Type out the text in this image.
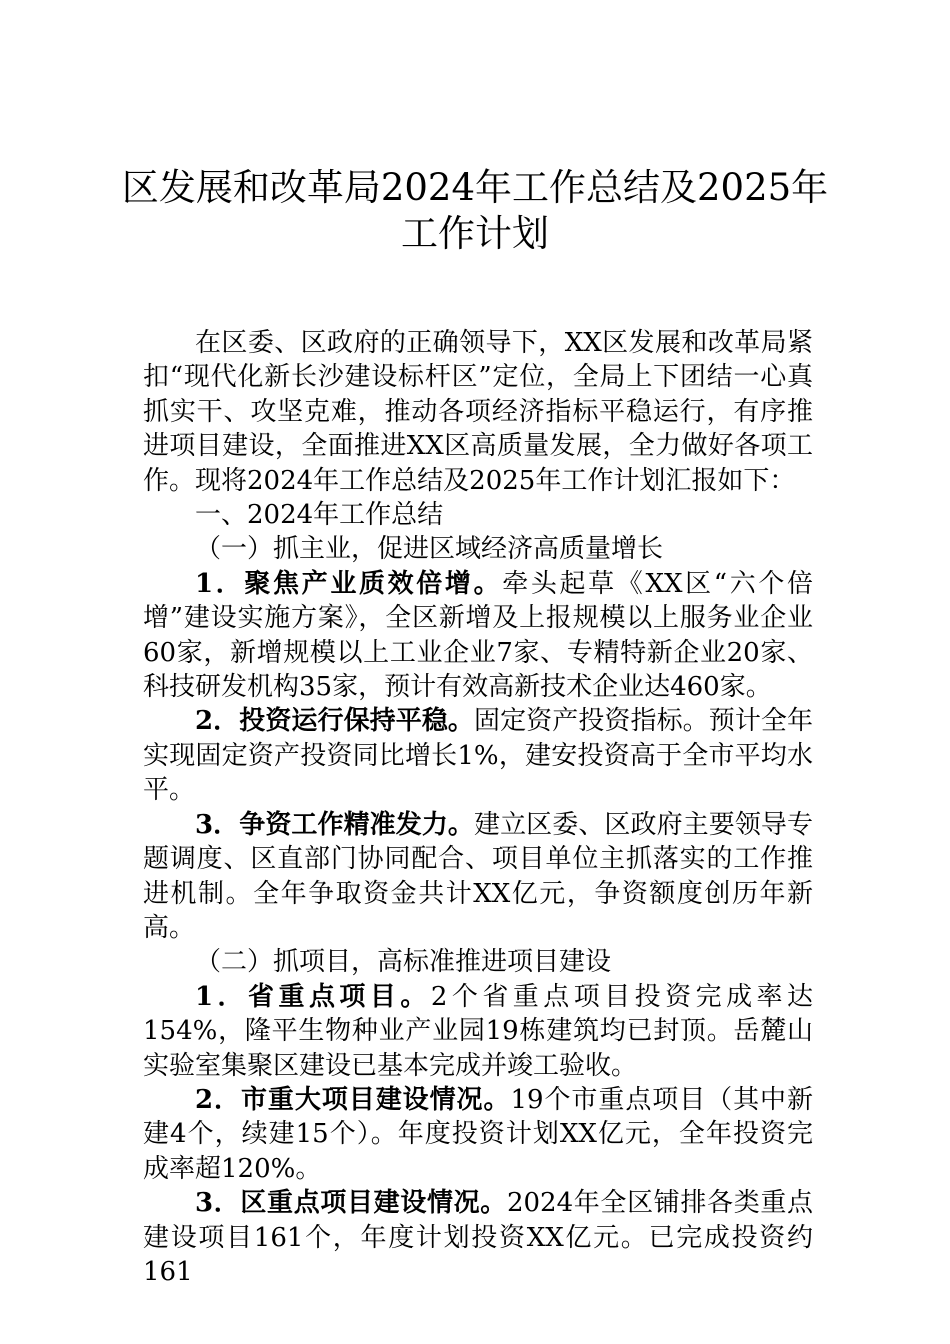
区发展和改革局2024年工作总结及2025年
工作计划

在区委、区政府的正确领导下，XX区发展和改革局紧扣“现代化新长沙建设标杆区”定位，全局上下团结一心真抓实干、攻坚克难，推动各项经济指标平稳运行，有序推进项目建设，全面推进XX区高质量发展，全力做好各项工作。现将2024年工作总结及2025年工作计划汇报如下：

一、2024年工作总结

（一）抓主业，促进区域经济高质量增长

1．聚焦产业质效倍增。牵头起草《XX区“六个倍增”建设实施方案》，全区新增及上报规模以上服务业企业60家，新增规模以上工业企业7家、专精特新企业20家、科技研发机构35家，预计有效高新技术企业达460家。

2．投资运行保持平稳。固定资产投资指标。预计全年实现固定资产投资同比增长1%，建安投资高于全市平均水平。

3．争资工作精准发力。建立区委、区政府主要领导专题调度、区直部门协同配合、项目单位主抓落实的工作推进机制。全年争取资金共计XX亿元，争资额度创历年新高。

（二）抓项目，高标准推进项目建设

1．省重点项目。2个省重点项目投资完成率达154%，隆平生物种业产业园19栋建筑均已封顶。岳麓山实验室集聚区建设已基本完成并竣工验收。

2．市重大项目建设情况。19个市重点项目（其中新建4个，续建15个）。年度投资计划XX亿元，全年投资完成率超120%。

3．区重点项目建设情况。2024年全区铺排各类重点建设项目161个，年度计划投资XX亿元。已完成投资约161
